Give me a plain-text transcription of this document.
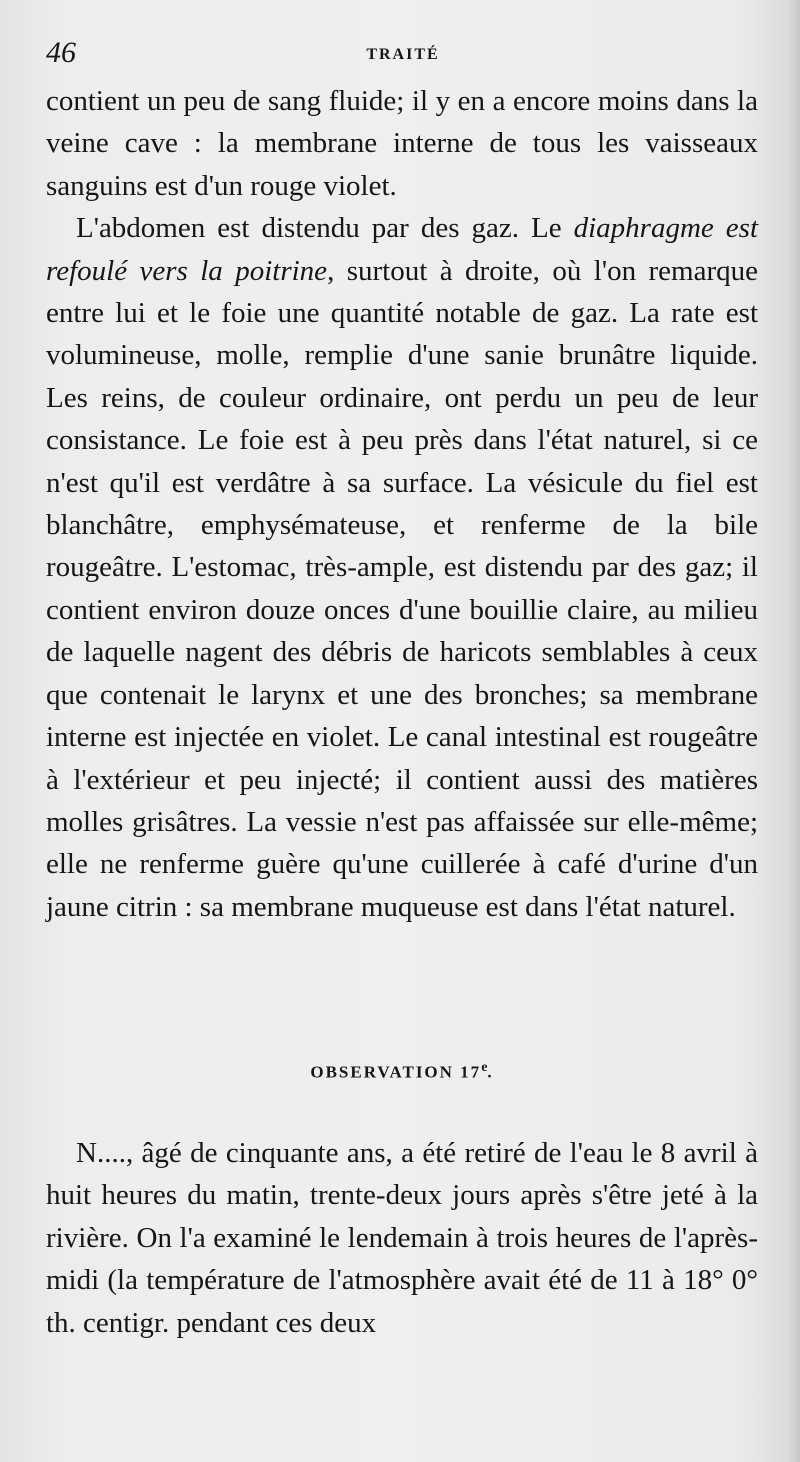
46	TRAITÉ

contient un peu de sang fluide; il y en a encore moins dans la veine cave : la membrane interne de tous les vaisseaux sanguins est d'un rouge violet.

L'abdomen est distendu par des gaz. Le diaphragme est refoulé vers la poitrine, surtout à droite, où l'on remarque entre lui et le foie une quantité notable de gaz. La rate est volumineuse, molle, remplie d'une sanie brunâtre liquide. Les reins, de couleur ordinaire, ont perdu un peu de leur consistance. Le foie est à peu près dans l'état naturel, si ce n'est qu'il est verdâtre à sa surface. La vésicule du fiel est blanchâtre, emphysémateuse, et renferme de la bile rougeâtre. L'estomac, très-ample, est distendu par des gaz; il contient environ douze onces d'une bouillie claire, au milieu de laquelle nagent des débris de haricots semblables à ceux que contenait le larynx et une des bronches; sa membrane interne est injectée en violet. Le canal intestinal est rougeâtre à l'extérieur et peu injecté; il contient aussi des matières molles grisâtres. La vessie n'est pas affaissée sur elle-même; elle ne renferme guère qu'une cuillerée à café d'urine d'un jaune citrin : sa membrane muqueuse est dans l'état naturel.

OBSERVATION 17e.

N...., âgé de cinquante ans, a été retiré de l'eau le 8 avril à huit heures du matin, trente-deux jours après s'être jeté à la rivière. On l'a examiné le lendemain à trois heures de l'après-midi (la température de l'atmosphère avait été de 11 à 18° 0° th. centigr. pendant ces deux
